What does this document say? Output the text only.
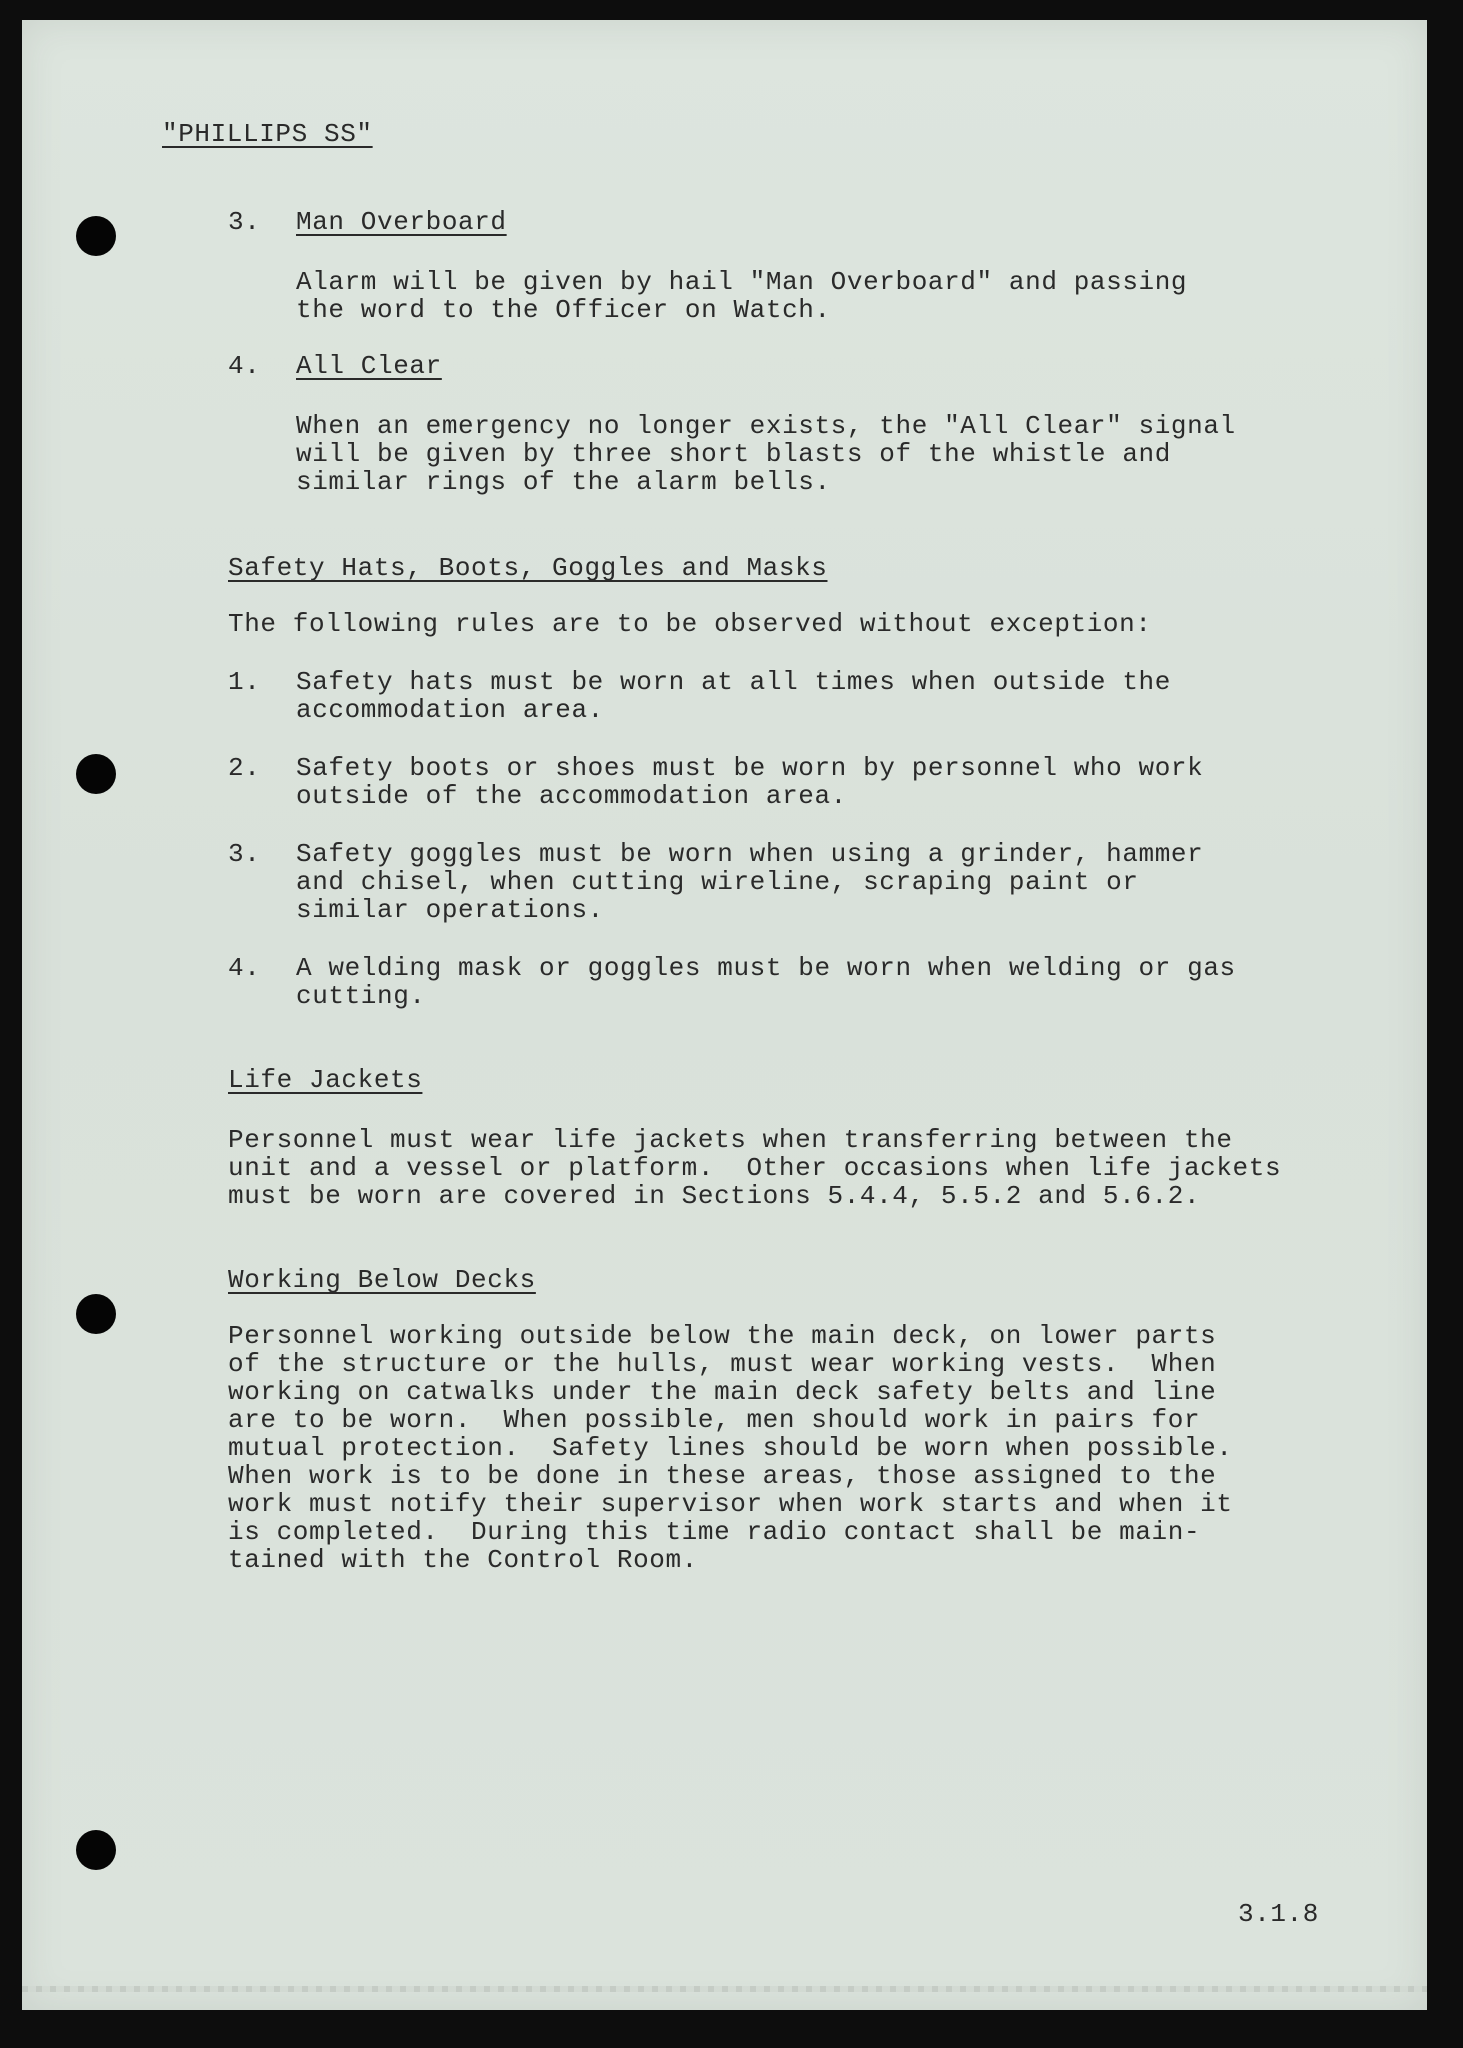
"PHILLIPS SS"
3. Man Overboard
Alarm will be given by hail "Man Overboard" and passing
the word to the Officer on Watch.
4. All Clear
When an emergency no longer exists, the "All Clear" signal
will be given by three short blasts of the whistle and
similar rings of the alarm bells.
Safety Hats, Boots, Goggles and Masks
The following rules are to be observed without exception:
1. Safety hats must be worn at all times when outside the
accommodation area.
2. Safety boots or shoes must be worn by personnel who work
outside of the accommodation area.
3. Safety goggles must be worn when using a grinder, hammer
and chisel, when cutting wireline, scraping paint or
similar operations.
4. A welding mask or goggles must be worn when welding or gas
cutting.
Life Jackets
Personnel must wear life jackets when transferring between the
unit and a vessel or platform.  Other occasions when life jackets
must be worn are covered in Sections 5.4.4, 5.5.2 and 5.6.2.
Working Below Decks
Personnel working outside below the main deck, on lower parts
of the structure or the hulls, must wear working vests.  When
working on catwalks under the main deck safety belts and line
are to be worn.  When possible, men should work in pairs for
mutual protection.  Safety lines should be worn when possible.
When work is to be done in these areas, those assigned to the
work must notify their supervisor when work starts and when it
is completed.  During this time radio contact shall be main-
tained with the Control Room.
3.1.8
